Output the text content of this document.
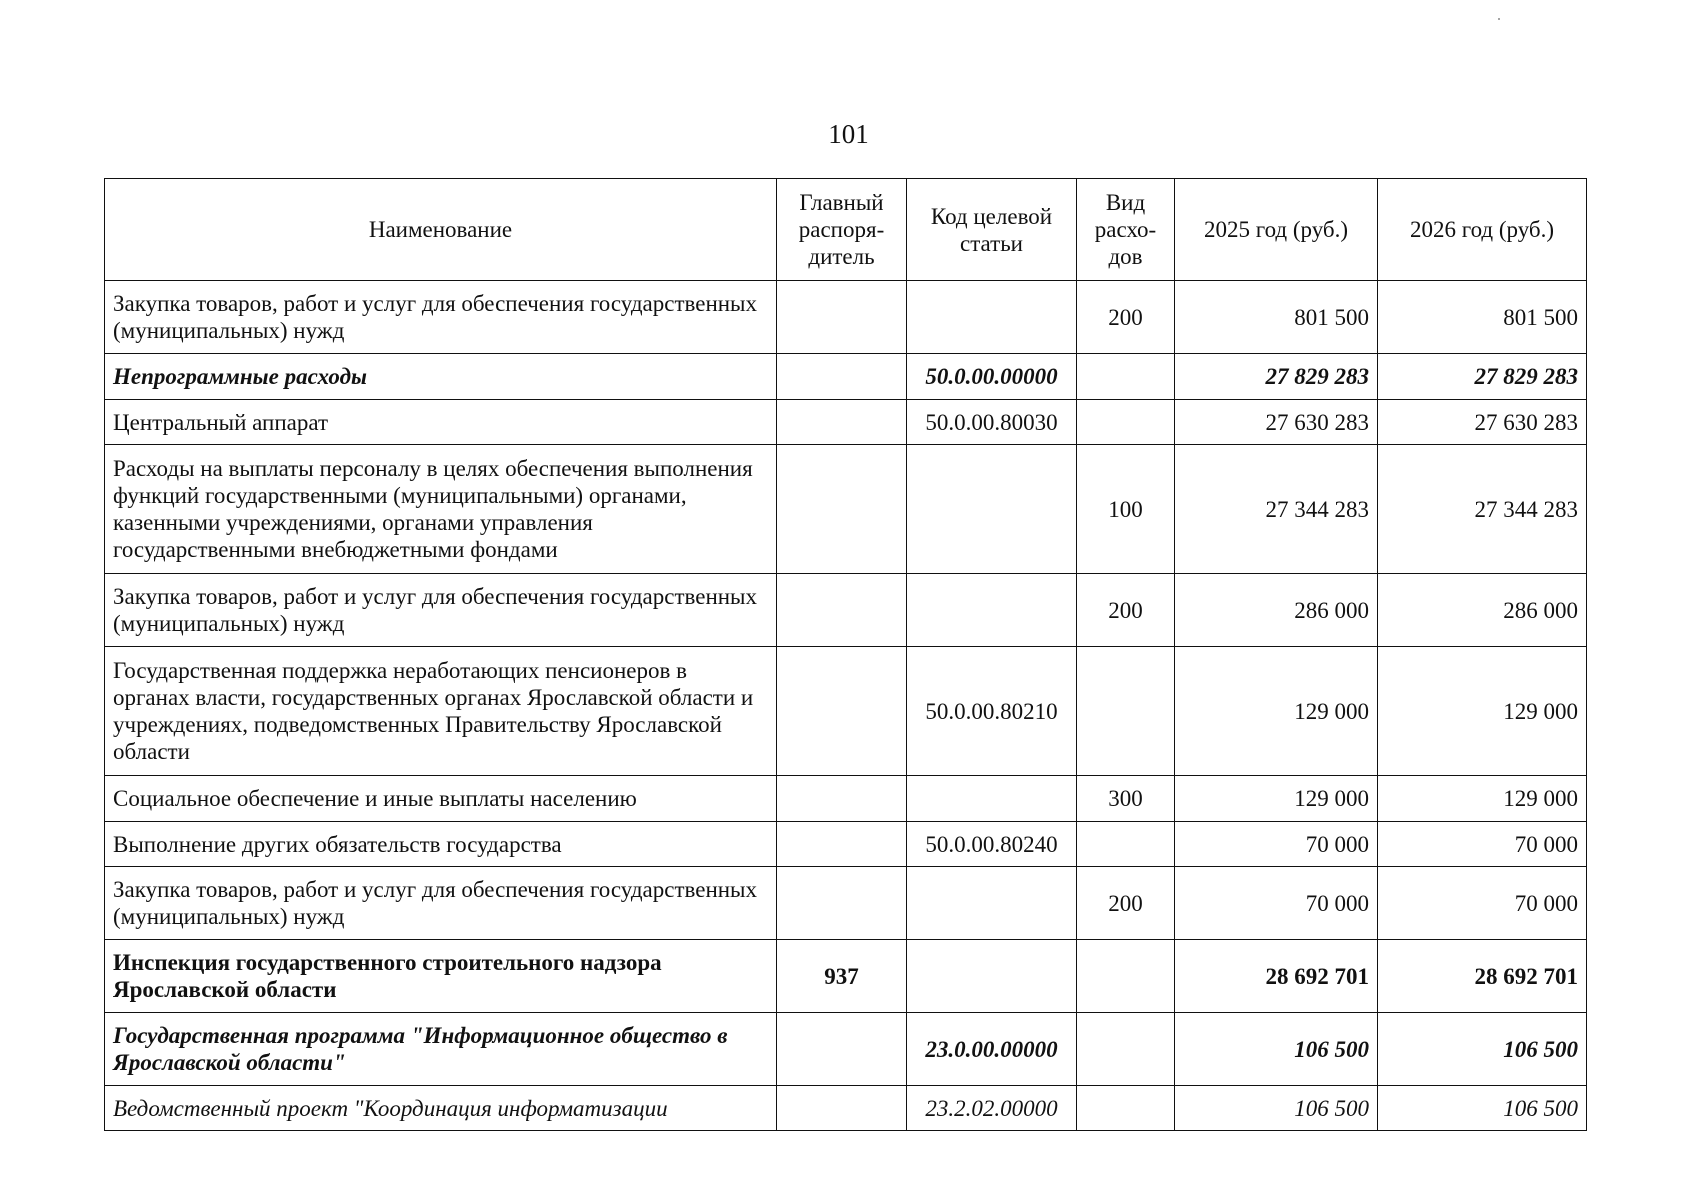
101
Наименование	Главный распоря-дитель	Код целевой статьи	Вид расхо-дов	2025 год (руб.)	2026 год (руб.)
Закупка товаров, работ и услуг для обеспечения государственных (муниципальных) нужд			200	801 500	801 500
Непрограммные расходы		50.0.00.00000		27 829 283	27 829 283
Центральный аппарат		50.0.00.80030		27 630 283	27 630 283
Расходы на выплаты персоналу в целях обеспечения выполнения функций государственными (муниципальными) органами, казенными учреждениями, органами управления государственными внебюджетными фондами			100	27 344 283	27 344 283
Закупка товаров, работ и услуг для обеспечения государственных (муниципальных) нужд			200	286 000	286 000
Государственная поддержка неработающих пенсионеров в органах власти, государственных органах Ярославской области и учреждениях, подведомственных Правительству Ярославской области		50.0.00.80210		129 000	129 000
Социальное обеспечение и иные выплаты населению			300	129 000	129 000
Выполнение других обязательств государства		50.0.00.80240		70 000	70 000
Закупка товаров, работ и услуг для обеспечения государственных (муниципальных) нужд			200	70 000	70 000
Инспекция государственного строительного надзора Ярославской области	937			28 692 701	28 692 701
Государственная программа "Информационное общество в Ярославской области"		23.0.00.00000		106 500	106 500
Ведомственный проект "Координация информатизации		23.2.02.00000		106 500	106 500
